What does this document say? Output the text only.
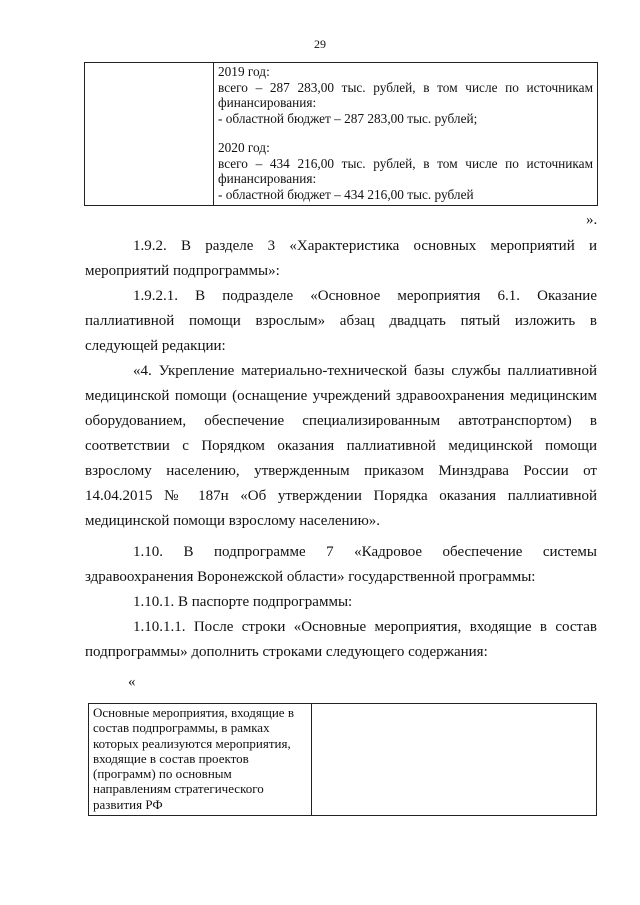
29

2019 год:

всего – 287 283,00 тыс. рублей, в том числе по источникам финансирования:

- областной бюджет – 287 283,00 тыс. рублей;

2020 год:

всего – 434 216,00 тыс. рублей, в том числе по источникам финансирования:

- областной бюджет – 434 216,00 тыс. рублей

».

1.9.2. В разделе 3 «Характеристика основных мероприятий и мероприятий подпрограммы»:

1.9.2.1. В подразделе «Основное мероприятия 6.1. Оказание паллиативной помощи взрослым» абзац двадцать пятый изложить в следующей редакции:

«4. Укрепление материально-технической базы службы паллиативной медицинской помощи (оснащение учреждений здравоохранения медицинским оборудованием, обеспечение специализированным автотранспортом) в соответствии с Порядком оказания паллиативной медицинской помощи взрослому населению, утвержденным приказом Минздрава России от 14.04.2015 № 187н «Об утверждении Порядка оказания паллиативной медицинской помощи взрослому населению».

1.10. В подпрограмме 7 «Кадровое обеспечение системы здравоохранения Воронежской области» государственной программы:

1.10.1. В паспорте подпрограммы:

1.10.1.1. После строки «Основные мероприятия, входящие в состав подпрограммы» дополнить строками следующего содержания:

«
Основные мероприятия, входящие в состав подпрограммы, в рамках которых реализуются мероприятия, входящие в состав проектов (программ) по основным направлениям стратегического развития РФ	
